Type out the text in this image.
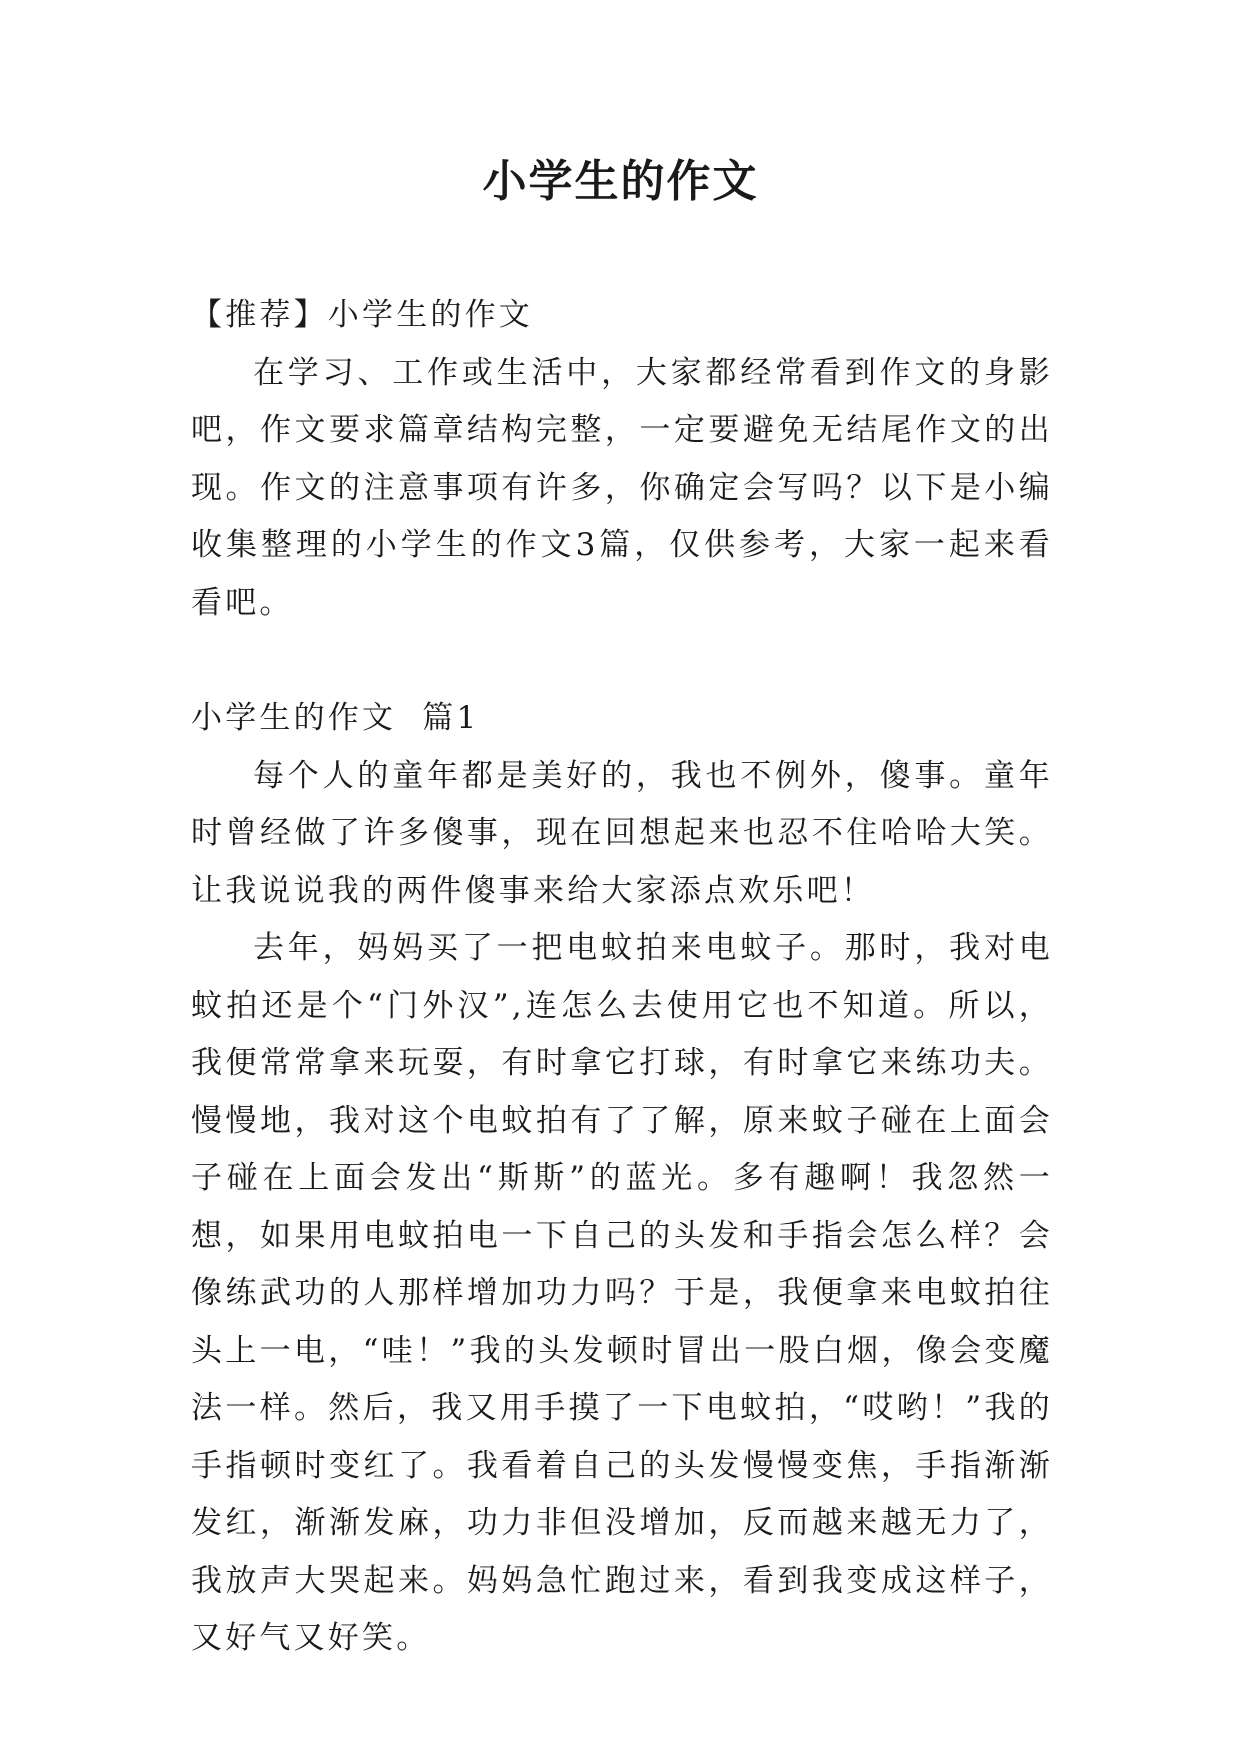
小学生的作文

【推荐】小学生的作文

在学习、工作或生活中，大家都经常看到作文的身影吧，作文要求篇章结构完整，一定要避免无结尾作文的出现。作文的注意事项有许多，你确定会写吗？以下是小编收集整理的小学生的作文3篇，仅供参考，大家一起来看看吧。

小学生的作文  篇1

每个人的童年都是美好的，我也不例外，傻事。童年时曾经做了许多傻事，现在回想起来也忍不住哈哈大笑。让我说说我的两件傻事来给大家添点欢乐吧！

去年，妈妈买了一把电蚊拍来电蚊子。那时，我对电蚊拍还是个“门外汉”,连怎么去使用它也不知道。所以，我便常常拿来玩耍，有时拿它打球，有时拿它来练功夫。慢慢地，我对这个电蚊拍有了了解，原来蚊子碰在上面会子碰在上面会发出“斯斯”的蓝光。多有趣啊！我忽然一想，如果用电蚊拍电一下自己的头发和手指会怎么样？会像练武功的人那样增加功力吗？于是，我便拿来电蚊拍往头上一电，“哇！”我的头发顿时冒出一股白烟，像会变魔法一样。然后，我又用手摸了一下电蚊拍，“哎哟！”我的手指顿时变红了。我看着自己的头发慢慢变焦，手指渐渐发红，渐渐发麻，功力非但没增加，反而越来越无力了，我放声大哭起来。妈妈急忙跑过来，看到我变成这样子，又好气又好笑。
